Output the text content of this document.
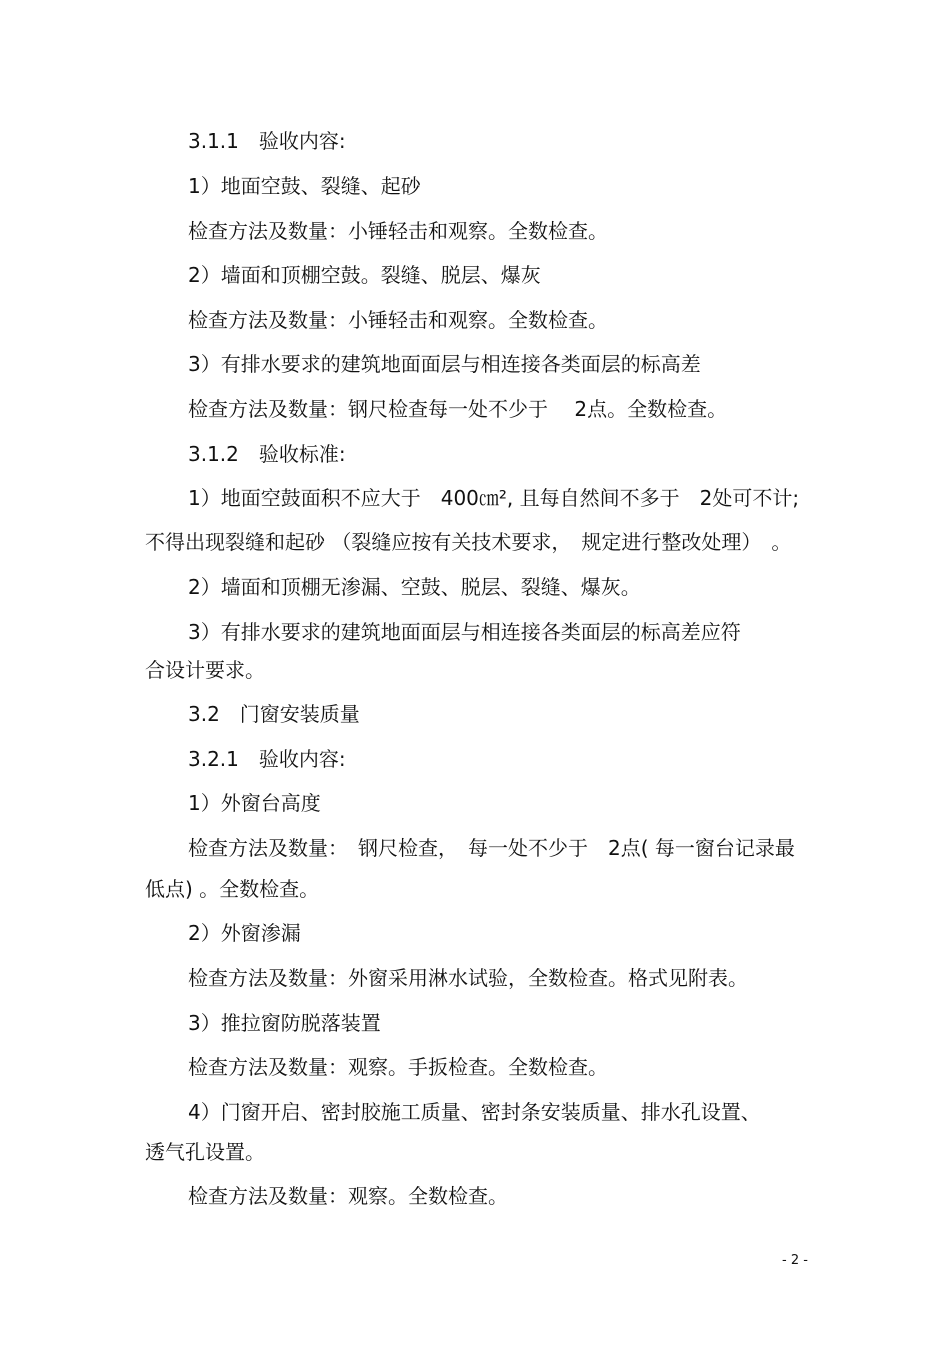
3.1.1　验收内容:
1）地面空鼓、裂缝、起砂
检查方法及数量：小锤轻击和观察。全数检查。
2）墙面和顶棚空鼓。裂缝、脱层、爆灰
检查方法及数量：小锤轻击和观察。全数检查。
3）有排水要求的建筑地面面层与相连接各类面层的标高差
检查方法及数量：钢尺检查每一处不少于　 2点。全数检查。
3.1.2　验收标准:
1）地面空鼓面积不应大于　400㎝², 且每自然间不多于　2处可不计;
不得出现裂缝和起砂 （裂缝应按有关技术要求，　规定进行整改处理）　。
2）墙面和顶棚无渗漏、空鼓、脱层、裂缝、爆灰。
3）有排水要求的建筑地面面层与相连接各类面层的标高差应符
合设计要求。
3.2　门窗安装质量
3.2.1　验收内容:
1）外窗台高度
检查方法及数量：　钢尺检查，　每一处不少于　2点( 每一窗台记录最
低点) 。全数检查。
2）外窗渗漏
检查方法及数量：外窗采用淋水试验，全数检查。格式见附表。
3）推拉窗防脱落装置
检查方法及数量：观察。手扳检查。全数检查。
4）门窗开启、密封胶施工质量、密封条安装质量、排水孔设置、
透气孔设置。
检查方法及数量：观察。全数检查。
- 2 -
